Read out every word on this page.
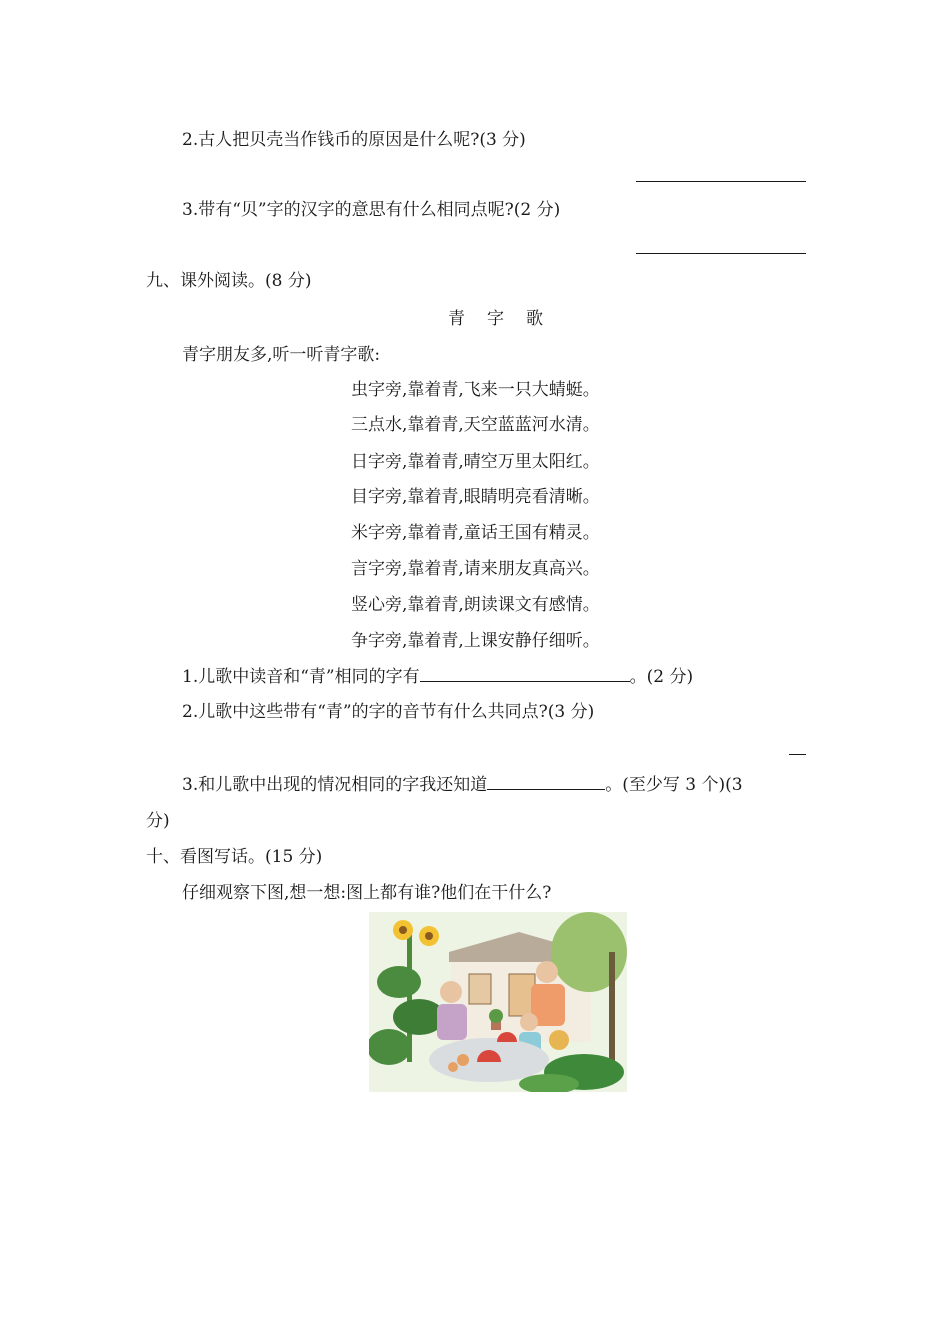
2.古人把贝壳当作钱币的原因是什么呢?(3 分)
3.带有“贝”字的汉字的意思有什么相同点呢?(2 分)
九、课外阅读。(8 分)
青字歌
青字朋友多,听一听青字歌:
虫字旁,靠着青,飞来一只大蜻蜓。
三点水,靠着青,天空蓝蓝河水清。
日字旁,靠着青,晴空万里太阳红。
目字旁,靠着青,眼睛明亮看清晰。
米字旁,靠着青,童话王国有精灵。
言字旁,靠着青,请来朋友真高兴。
竖心旁,靠着青,朗读课文有感情。
争字旁,靠着青,上课安静仔细听。
1.儿歌中读音和“青”相同的字有	。(2 分)
2.儿歌中这些带有“青”的字的音节有什么共同点?(3 分)
3.和儿歌中出现的情况相同的字我还知道	。(至少写 3 个)(3
分)
十、看图写话。(15 分)
仔细观察下图,想一想:图上都有谁?他们在干什么?
